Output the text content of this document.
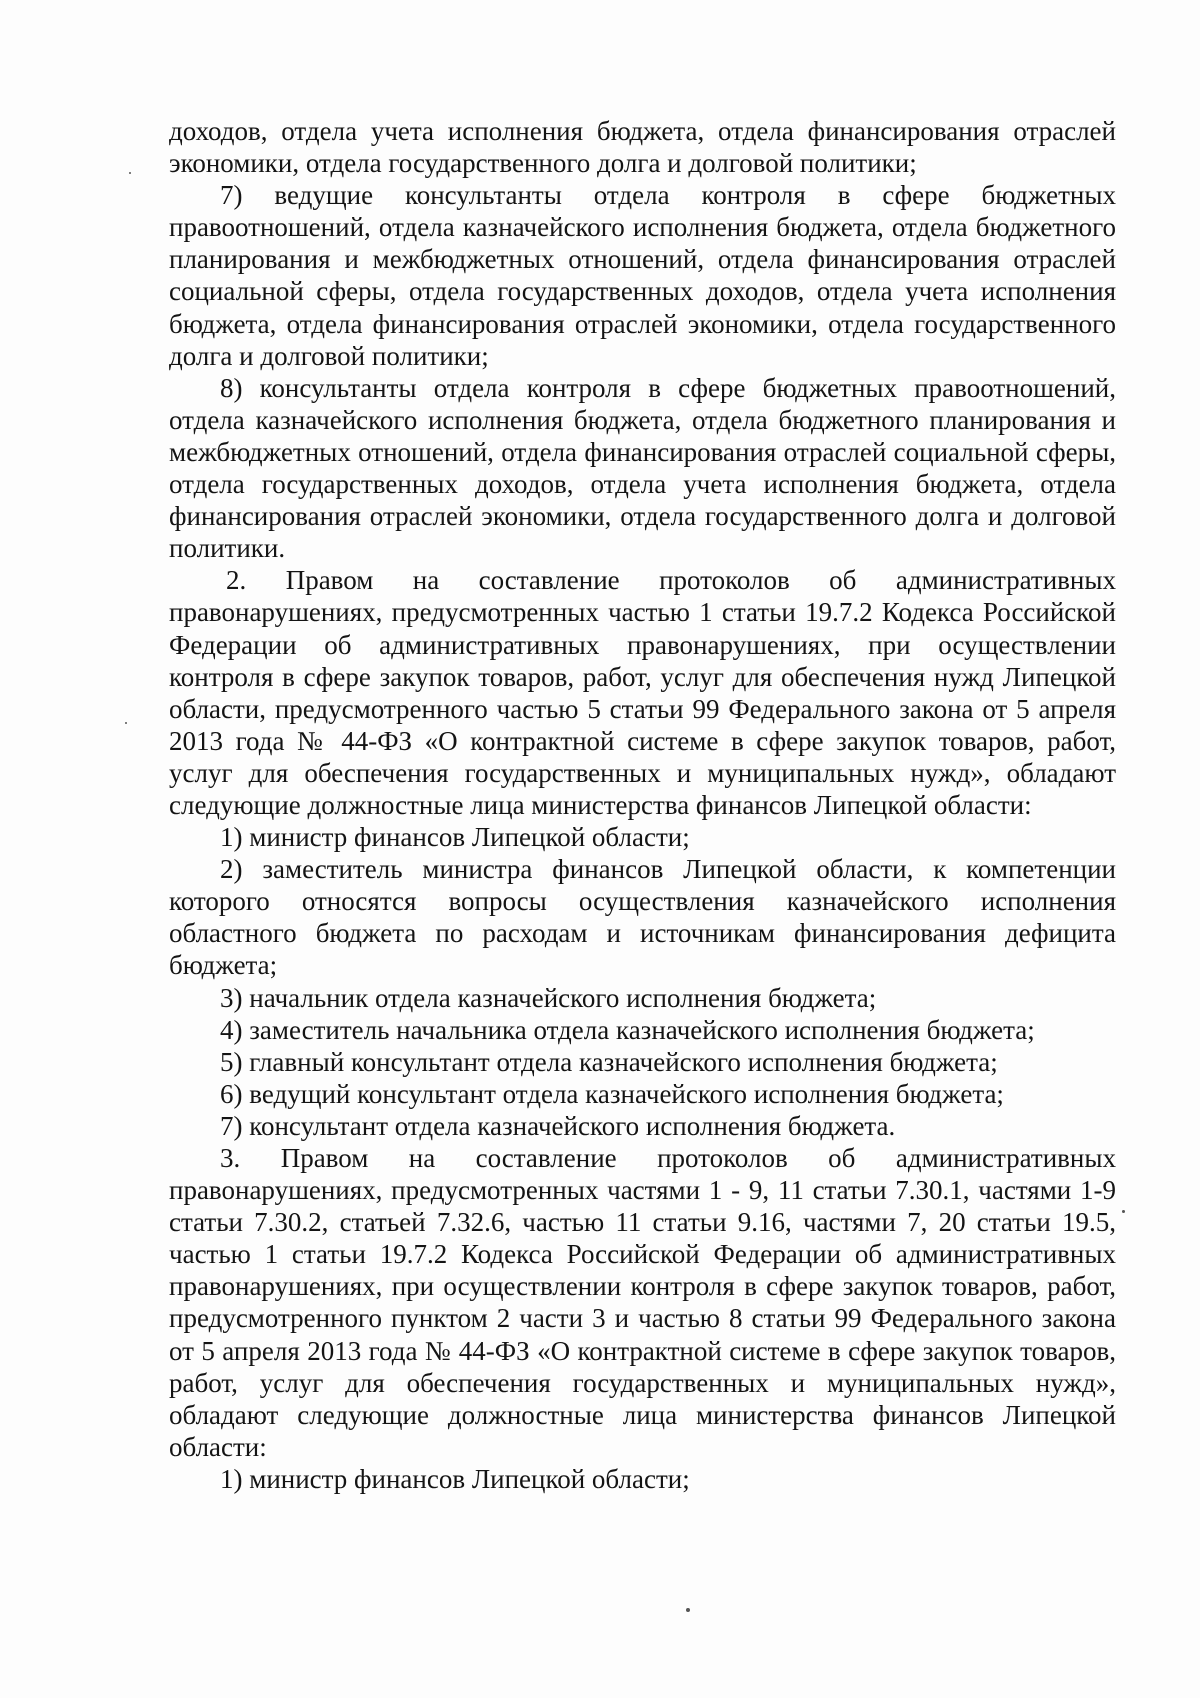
доходов, отдела учета исполнения бюджета, отдела финансирования отраслей экономики, отдела государственного долга и долговой политики;

7) ведущие консультанты отдела контроля в сфере бюджетных правоотношений, отдела казначейского исполнения бюджета, отдела бюджетного планирования и межбюджетных отношений, отдела финансирования отраслей социальной сферы, отдела государственных доходов, отдела учета исполнения бюджета, отдела финансирования отраслей экономики, отдела государственного долга и долговой политики;

8) консультанты отдела контроля в сфере бюджетных правоотношений, отдела казначейского исполнения бюджета, отдела бюджетного планирования и межбюджетных отношений, отдела финансирования отраслей социальной сферы, отдела государственных доходов, отдела учета исполнения бюджета, отдела финансирования отраслей экономики, отдела государственного долга и долговой политики.

2. Правом на составление протоколов об административных правонарушениях, предусмотренных частью 1 статьи 19.7.2 Кодекса Российской Федерации об административных правонарушениях, при осуществлении контроля в сфере закупок товаров, работ, услуг для обеспечения нужд Липецкой области, предусмотренного частью 5 статьи 99 Федерального закона от 5 апреля 2013 года № 44-ФЗ «О контрактной системе в сфере закупок товаров, работ, услуг для обеспечения государственных и муниципальных нужд», обладают следующие должностные лица министерства финансов Липецкой области:

1) министр финансов Липецкой области;

2) заместитель министра финансов Липецкой области, к компетенции которого относятся вопросы осуществления казначейского исполнения областного бюджета по расходам и источникам финансирования дефицита бюджета;

3) начальник отдела казначейского исполнения бюджета;

4) заместитель начальника отдела казначейского исполнения бюджета;

5) главный консультант отдела казначейского исполнения бюджета;

6) ведущий консультант отдела казначейского исполнения бюджета;

7) консультант отдела казначейского исполнения бюджета.

3. Правом на составление протоколов об административных правонарушениях, предусмотренных частями 1 - 9, 11 статьи 7.30.1, частями 1-9 статьи 7.30.2, статьей 7.32.6, частью 11 статьи 9.16, частями 7, 20 статьи 19.5, частью 1 статьи 19.7.2 Кодекса Российской Федерации об административных правонарушениях, при осуществлении контроля в сфере закупок товаров, работ, предусмотренного пунктом 2 части 3 и частью 8 статьи 99 Федерального закона от 5 апреля 2013 года № 44-ФЗ «О контрактной системе в сфере закупок товаров, работ, услуг для обеспечения государственных и муниципальных нужд», обладают следующие должностные лица министерства финансов Липецкой области:

1) министр финансов Липецкой области;
